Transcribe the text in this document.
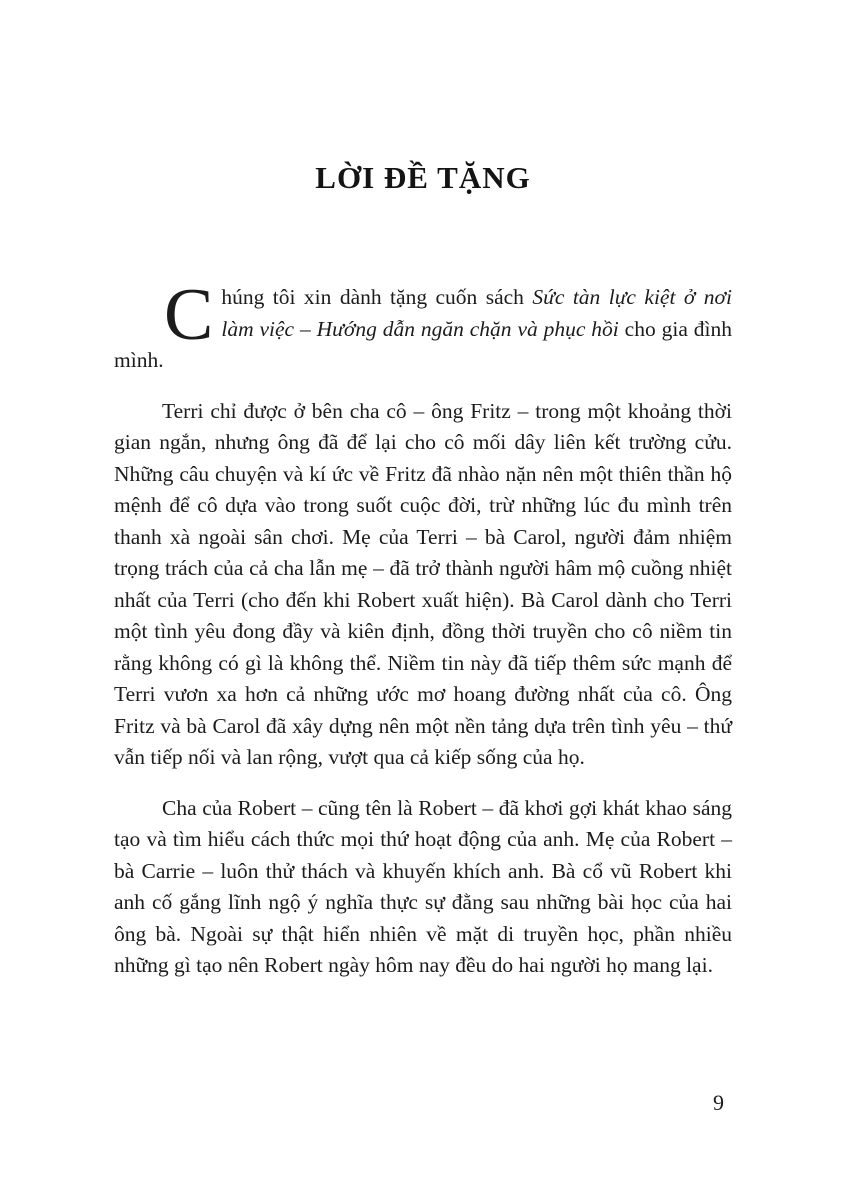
LỜI ĐỀ TẶNG

Chúng tôi xin dành tặng cuốn sách Sức tàn lực kiệt ở nơi làm việc – Hướng dẫn ngăn chặn và phục hồi cho gia đình mình.

Terri chỉ được ở bên cha cô – ông Fritz – trong một khoảng thời gian ngắn, nhưng ông đã để lại cho cô mối dây liên kết trường cửu. Những câu chuyện và kí ức về Fritz đã nhào nặn nên một thiên thần hộ mệnh để cô dựa vào trong suốt cuộc đời, trừ những lúc đu mình trên thanh xà ngoài sân chơi. Mẹ của Terri – bà Carol, người đảm nhiệm trọng trách của cả cha lẫn mẹ – đã trở thành người hâm mộ cuồng nhiệt nhất của Terri (cho đến khi Robert xuất hiện). Bà Carol dành cho Terri một tình yêu đong đầy và kiên định, đồng thời truyền cho cô niềm tin rằng không có gì là không thể. Niềm tin này đã tiếp thêm sức mạnh để Terri vươn xa hơn cả những ước mơ hoang đường nhất của cô. Ông Fritz và bà Carol đã xây dựng nên một nền tảng dựa trên tình yêu – thứ vẫn tiếp nối và lan rộng, vượt qua cả kiếp sống của họ.

Cha của Robert – cũng tên là Robert – đã khơi gợi khát khao sáng tạo và tìm hiểu cách thức mọi thứ hoạt động của anh. Mẹ của Robert – bà Carrie – luôn thử thách và khuyến khích anh. Bà cổ vũ Robert khi anh cố gắng lĩnh ngộ ý nghĩa thực sự đằng sau những bài học của hai ông bà. Ngoài sự thật hiển nhiên về mặt di truyền học, phần nhiều những gì tạo nên Robert ngày hôm nay đều do hai người họ mang lại.

9
